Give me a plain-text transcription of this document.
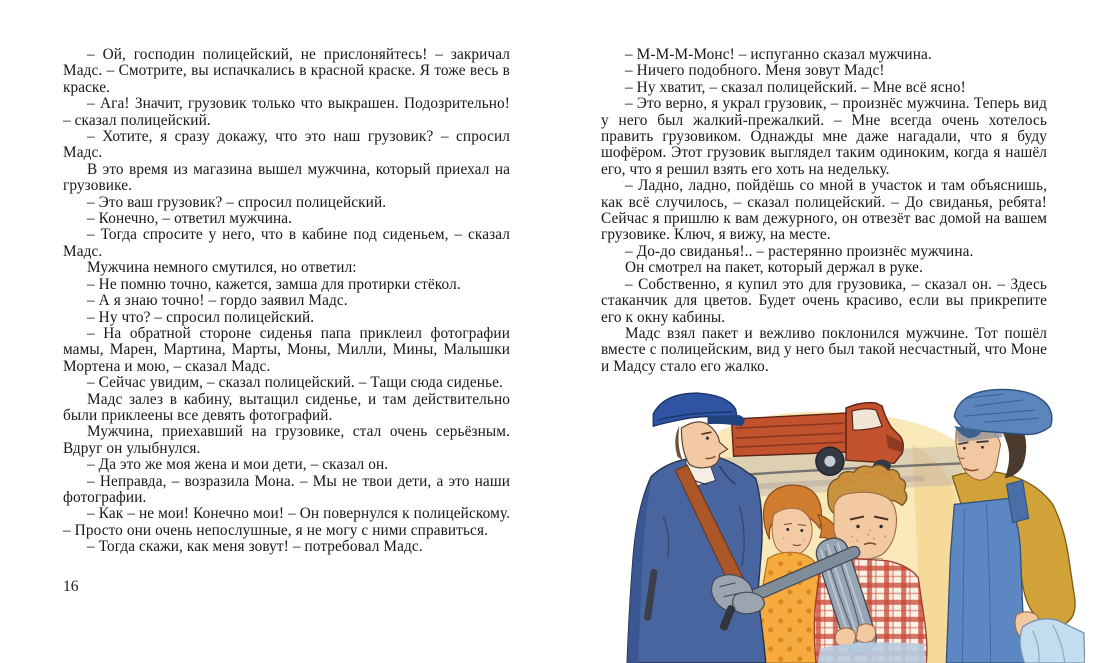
– Ой, господин полицейский, не прислоняйтесь! – закричал Мадс. – Смотрите, вы испачкались в красной краске. Я тоже весь в краске.

– Ага! Значит, грузовик только что выкрашен. Подозрительно! – сказал полицейский.

– Хотите, я сразу докажу, что это наш грузовик? – спросил Мадс.

В это время из магазина вышел мужчина, который приехал на грузовике.

– Это ваш грузовик? – спросил полицейский.

– Конечно, – ответил мужчина.

– Тогда спросите у него, что в кабине под сиденьем, – сказал Мадс.

Мужчина немного смутился, но ответил:

– Не помню точно, кажется, замша для протирки стёкол.

– А я знаю точно! – гордо заявил Мадс.

– Ну что? – спросил полицейский.

– На обратной стороне сиденья папа приклеил фотографии мамы, Марен, Мартина, Марты, Моны, Милли, Мины, Малышки Мортена и мою, – сказал Мадс.

– Сейчас увидим, – сказал полицейский. – Тащи сюда сиденье.

Мадс залез в кабину, вытащил сиденье, и там действительно были приклеены все девять фотографий.

Мужчина, приехавший на грузовике, стал очень серьёзным. Вдруг он улыбнулся.

– Да это же моя жена и мои дети, – сказал он.

– Неправда, – возразила Мона. – Мы не твои дети, а это наши фотографии.

– Как – не мои! Конечно мои! – Он повернулся к полицейскому. – Просто они очень непослушные, я не могу с ними справиться.

– Тогда скажи, как меня зовут! – потребовал Мадс.

16

– М-М-М-Монс! – испуганно сказал мужчина.

– Ничего подобного. Меня зовут Мадс!

– Ну хватит, – сказал полицейский. – Мне всё ясно!

– Это верно, я украл грузовик, – произнёс мужчина. Теперь вид у него был жалкий-прежалкий. – Мне всегда очень хотелось править грузовиком. Однажды мне даже нагадали, что я буду шофёром. Этот грузовик выглядел таким одиноким, когда я нашёл его, что я решил взять его хоть на недельку.

– Ладно, ладно, пойдёшь со мной в участок и там объяснишь, как всё случилось, – сказал полицейский. – До свиданья, ребята! Сейчас я пришлю к вам дежурного, он отвезёт вас домой на вашем грузовике. Ключ, я вижу, на месте.

– До-до свиданья!.. – растерянно произнёс мужчина.

Он смотрел на пакет, который держал в руке.

– Собственно, я купил это для грузовика, – сказал он. – Здесь стаканчик для цветов. Будет очень красиво, если вы прикрепите его к окну кабины.

Мадс взял пакет и вежливо поклонился мужчине. Тот пошёл вместе с полицейским, вид у него был такой несчастный, что Моне и Мадсу стало его жалко.
